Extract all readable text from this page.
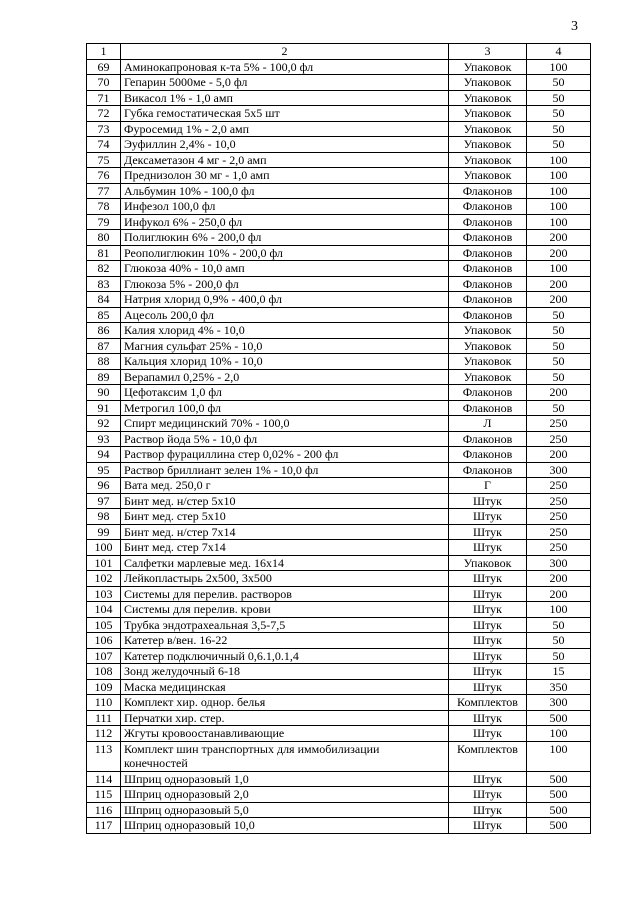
3
1	2	3	4
69	Аминокапроновая к-та 5% - 100,0 фл	Упаковок	100
70	Гепарин 5000ме - 5,0 фл	Упаковок	50
71	Викасол 1% - 1,0 амп	Упаковок	50
72	Губка гемостатическая 5х5 шт	Упаковок	50
73	Фуросемид 1% - 2,0 амп	Упаковок	50
74	Эуфиллин 2,4% - 10,0	Упаковок	50
75	Дексаметазон 4 мг - 2,0 амп	Упаковок	100
76	Преднизолон 30 мг - 1,0 амп	Упаковок	100
77	Альбумин 10% - 100,0 фл	Флаконов	100
78	Инфезол 100,0 фл	Флаконов	100
79	Инфукол 6% - 250,0 фл	Флаконов	100
80	Полиглюкин 6% - 200,0 фл	Флаконов	200
81	Реополиглюкин 10% - 200,0 фл	Флаконов	200
82	Глюкоза 40% - 10,0 амп	Флаконов	100
83	Глюкоза 5% - 200,0 фл	Флаконов	200
84	Натрия хлорид 0,9% - 400,0 фл	Флаконов	200
85	Ацесоль 200,0 фл	Флаконов	50
86	Калия хлорид 4% - 10,0	Упаковок	50
87	Магния сульфат 25% - 10,0	Упаковок	50
88	Кальция хлорид 10% - 10,0	Упаковок	50
89	Верапамил 0,25% - 2,0	Упаковок	50
90	Цефотаксим 1,0 фл	Флаконов	200
91	Метрогил 100,0 фл	Флаконов	50
92	Спирт медицинский 70% - 100,0	Л	250
93	Раствор йода 5% - 10,0 фл	Флаконов	250
94	Раствор фурациллина стер 0,02% - 200 фл	Флаконов	200
95	Раствор бриллиант зелен 1% - 10,0 фл	Флаконов	300
96	Вата мед. 250,0 г	Г	250
97	Бинт мед. н/стер 5х10	Штук	250
98	Бинт мед. стер 5х10	Штук	250
99	Бинт мед. н/стер 7х14	Штук	250
100	Бинт мед. стер 7х14	Штук	250
101	Салфетки марлевые мед. 16х14	Упаковок	300
102	Лейкопластырь 2х500, 3х500	Штук	200
103	Системы для перелив. растворов	Штук	200
104	Системы для перелив. крови	Штук	100
105	Трубка эндотрахеальная 3,5-7,5	Штук	50
106	Катетер в/вен. 16-22	Штук	50
107	Катетер подключичный 0,6.1,0.1,4	Штук	50
108	Зонд желудочный 6-18	Штук	15
109	Маска медицинская	Штук	350
110	Комплект хир. однор. белья	Комплектов	300
111	Перчатки хир. стер.	Штук	500
112	Жгуты кровоостанавливающие	Штук	100
113	Комплект шин транспортных для иммобилизации конечностей	Комплектов	100
114	Шприц одноразовый 1,0	Штук	500
115	Шприц одноразовый 2,0	Штук	500
116	Шприц одноразовый 5,0	Штук	500
117	Шприц одноразовый 10,0	Штук	500
